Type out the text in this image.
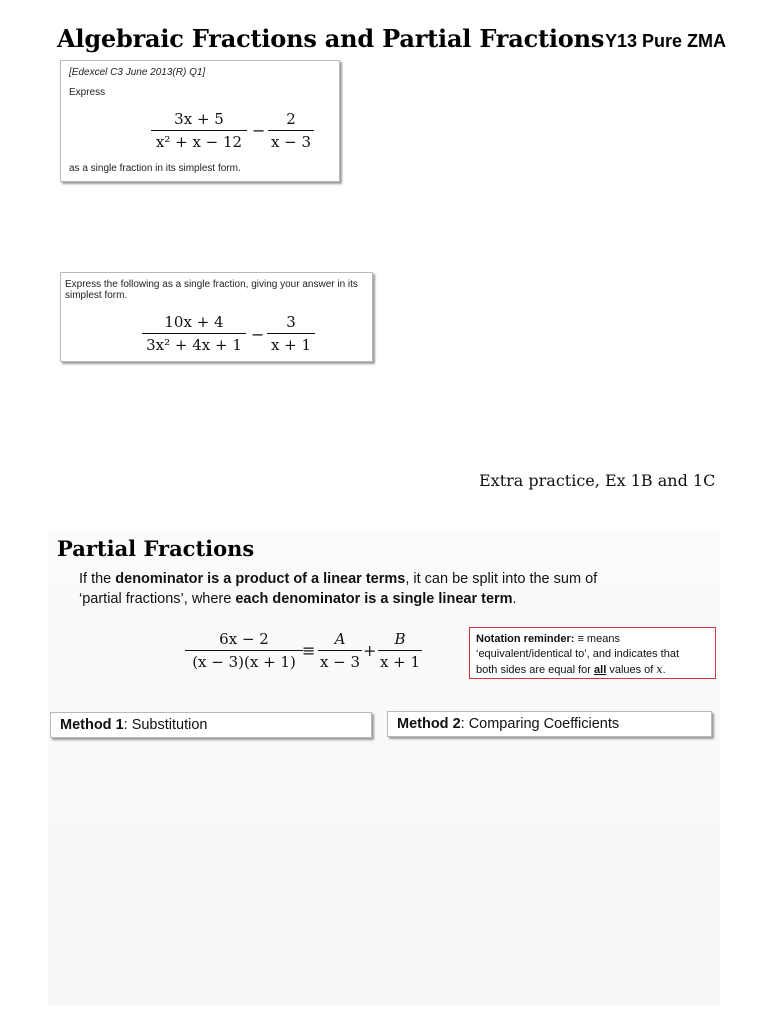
Algebraic Fractions and Partial Fractions Y13 Pure ZMA
[Edexcel C3 June 2013(R) Q1]
Express
3x + 5
x² + x − 12
−
2
x − 3
as a single fraction in its simplest form.
Express the following as a single fraction, giving your answer in its
simplest form.
10x + 4
3x² + 4x + 1
−
3
x + 1
Extra practice, Ex 1B and 1C
Partial Fractions
If the denominator is a product of a linear terms, it can be split into the sum of
‘partial fractions’, where each denominator is a single linear term.
6x − 2
(x − 3)(x + 1)
≡
A
x − 3
+
B
x + 1
Notation reminder: ≡ means
‘equivalent/identical to’, and indicates that
both sides are equal for all values of x.
Method 1: Substitution	Method 2: Comparing Coefficients
